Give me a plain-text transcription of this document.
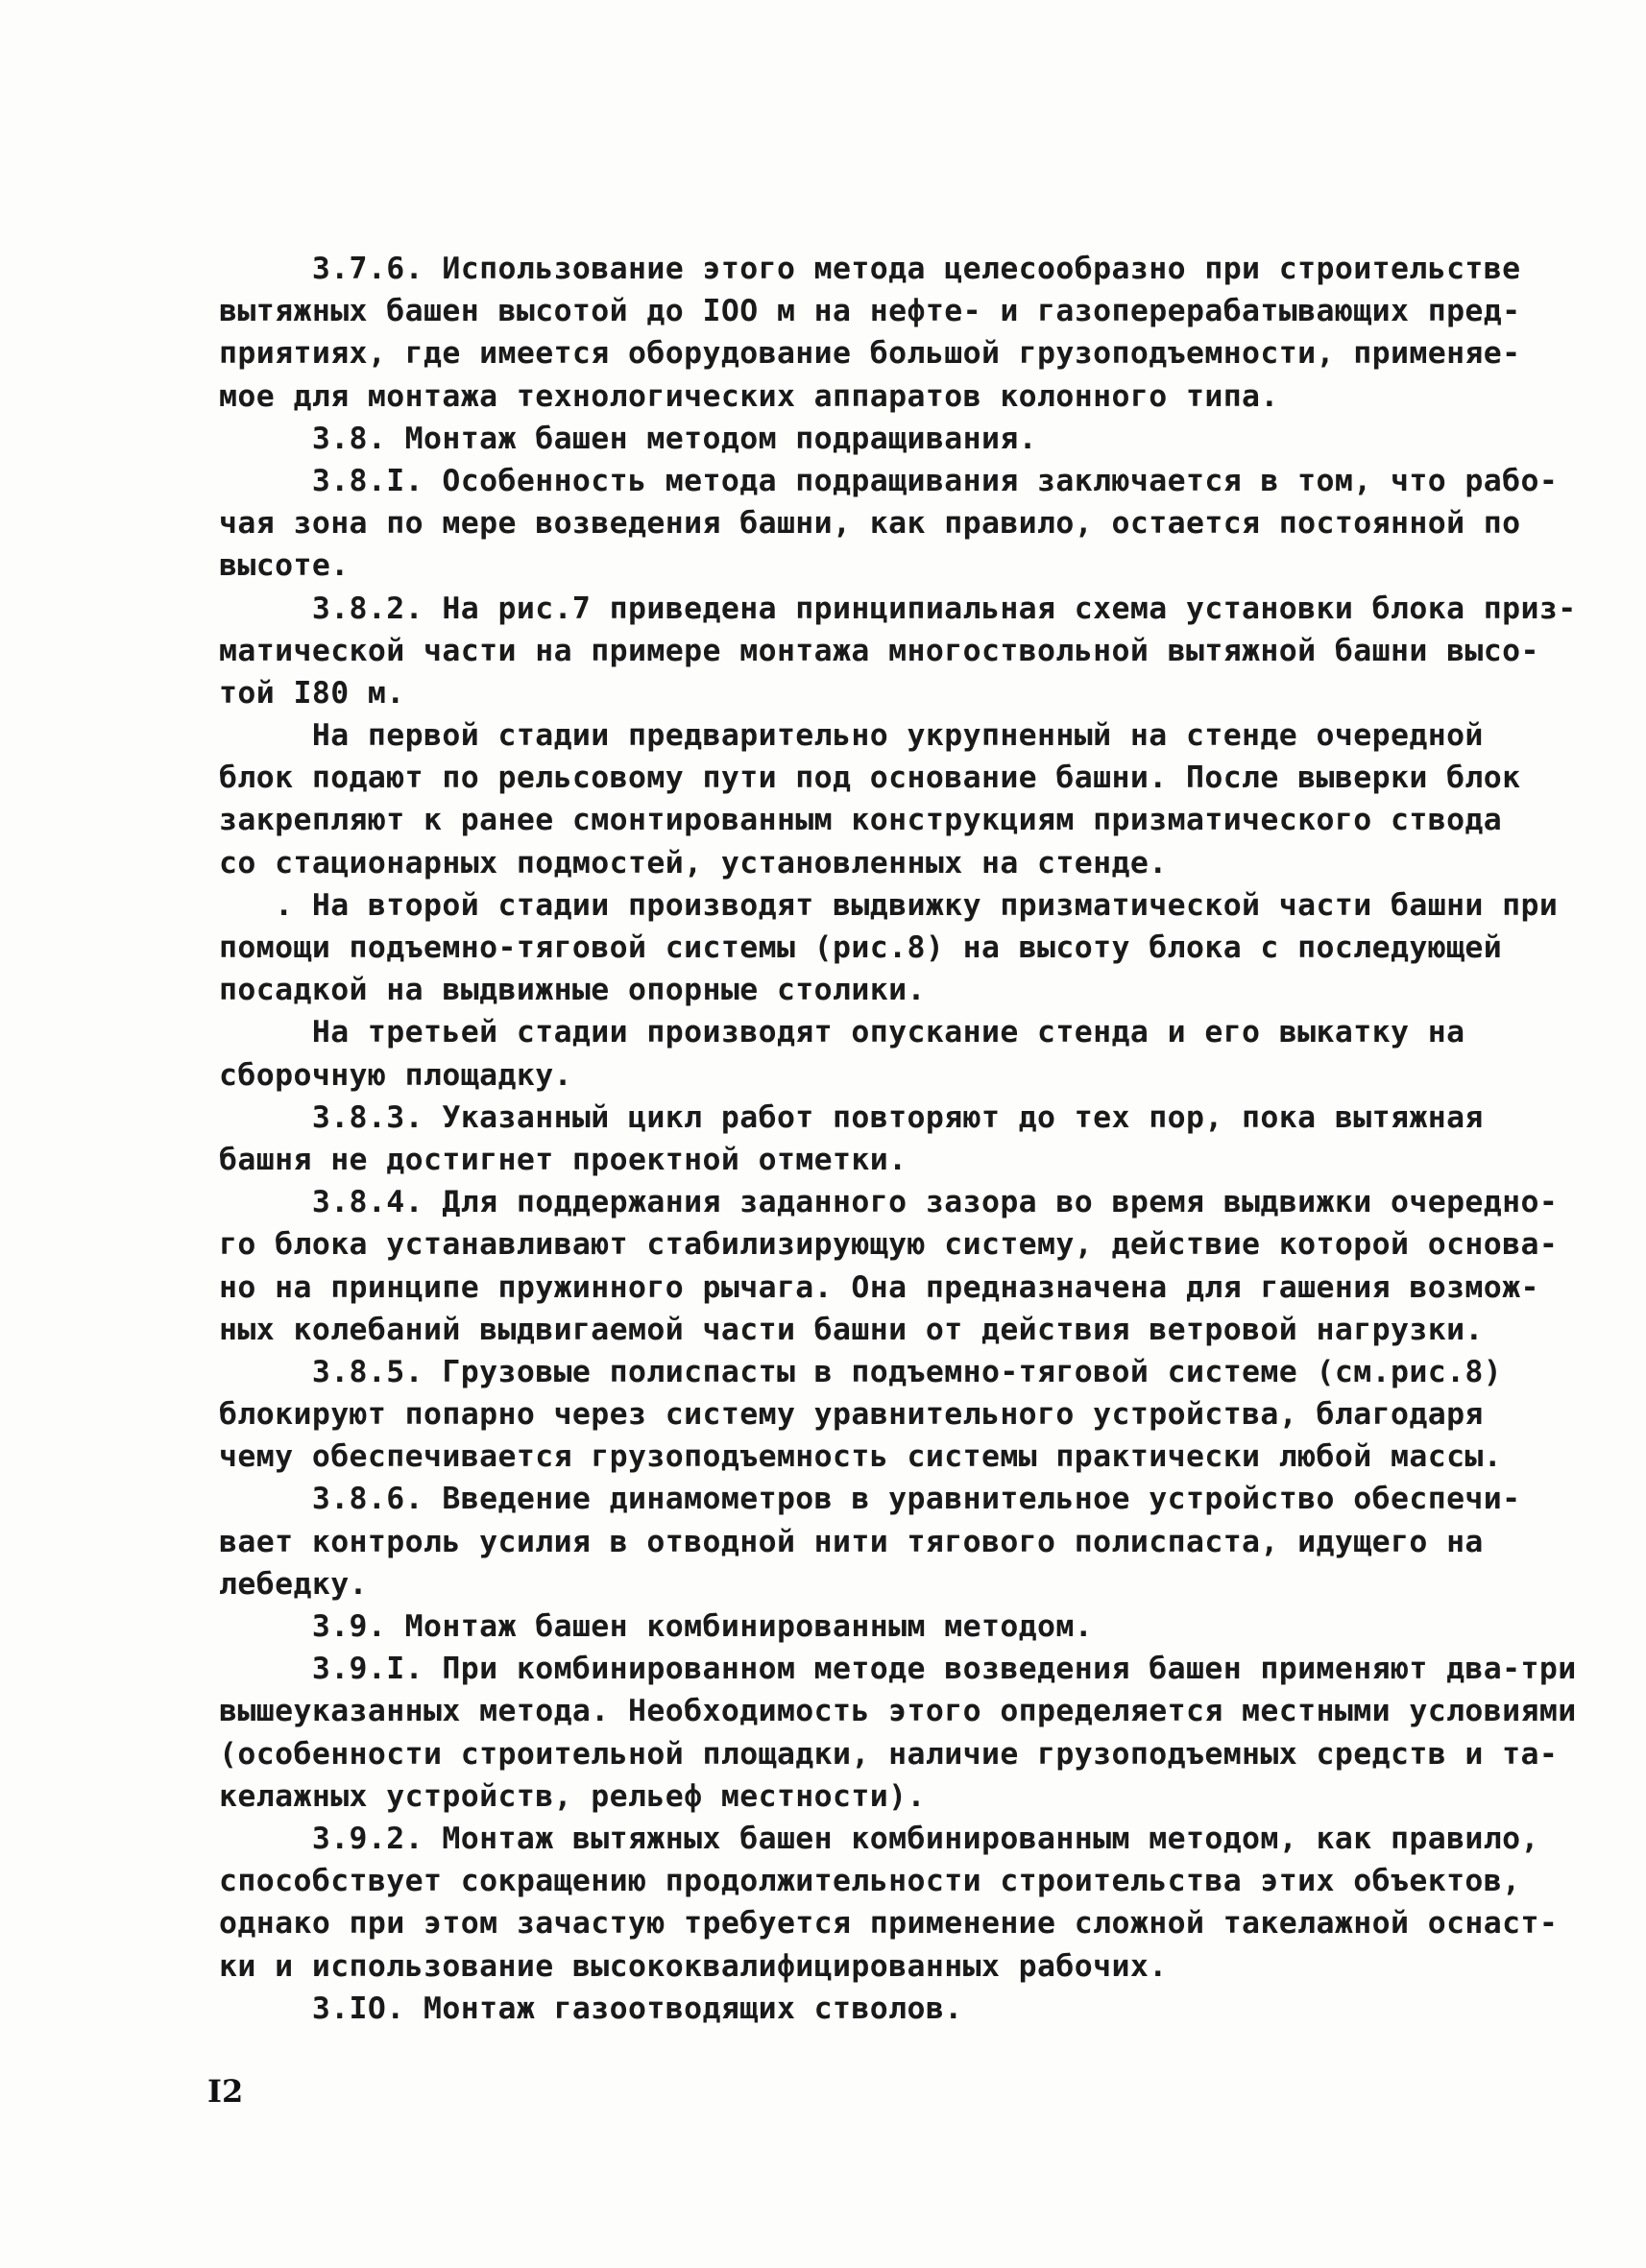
3.7.6. Использование этого метода целесообразно при строительстве
вытяжных башен высотой до IOO м на нефте- и газоперерабатывающих пред-
приятиях, где имеется оборудование большой грузоподъемности, применяе-
мое для монтажа технологических аппаратов колонного типа.
3.8. Монтаж башен методом подращивания.
3.8.I. Особенность метода подращивания заключается в том, что рабо-
чая зона по мере возведения башни, как правило, остается постоянной по
высоте.
3.8.2. На рис.7 приведена принципиальная схема установки блока приз-
матической части на примере монтажа многоствольной вытяжной башни высо-
той I80 м.
На первой стадии предварительно укрупненный на стенде очередной
блок подают по рельсовому пути под основание башни. После выверки блок
закрепляют к ранее смонтированным конструкциям призматического ствода
со стационарных подмостей, установленных на стенде.
. На второй стадии производят выдвижку призматической части башни при
помощи подъемно-тяговой системы (рис.8) на высоту блока с последующей
посадкой на выдвижные опорные столики.
На третьей стадии производят опускание стенда и его выкатку на
сборочную площадку.
3.8.3. Указанный цикл работ повторяют до тех пор, пока вытяжная
башня не достигнет проектной отметки.
3.8.4. Для поддержания заданного зазора во время выдвижки очередно-
го блока устанавливают стабилизирующую систему, действие которой основа-
но на принципе пружинного рычага. Она предназначена для гашения возмож-
ных колебаний выдвигаемой части башни от действия ветровой нагрузки.
3.8.5. Грузовые полиспасты в подъемно-тяговой системе (см.рис.8)
блокируют попарно через систему уравнительного устройства, благодаря
чему обеспечивается грузоподъемность системы практически любой массы.
3.8.6. Введение динамометров в уравнительное устройство обеспечи-
вает контроль усилия в отводной нити тягового полиспаста, идущего на
лебедку.
3.9. Монтаж башен комбинированным методом.
3.9.I. При комбинированном методе возведения башен применяют два-три
вышеуказанных метода. Необходимость этого определяется местными условиями
(особенности строительной площадки, наличие грузоподъемных средств и та-
келажных устройств, рельеф местности).
3.9.2. Монтаж вытяжных башен комбинированным методом, как правило,
способствует сокращению продолжительности строительства этих объектов,
однако при этом зачастую требуется применение сложной такелажной оснаст-
ки и использование высококвалифицированных рабочих.
3.IO. Монтаж газоотводящих стволов.
I2
